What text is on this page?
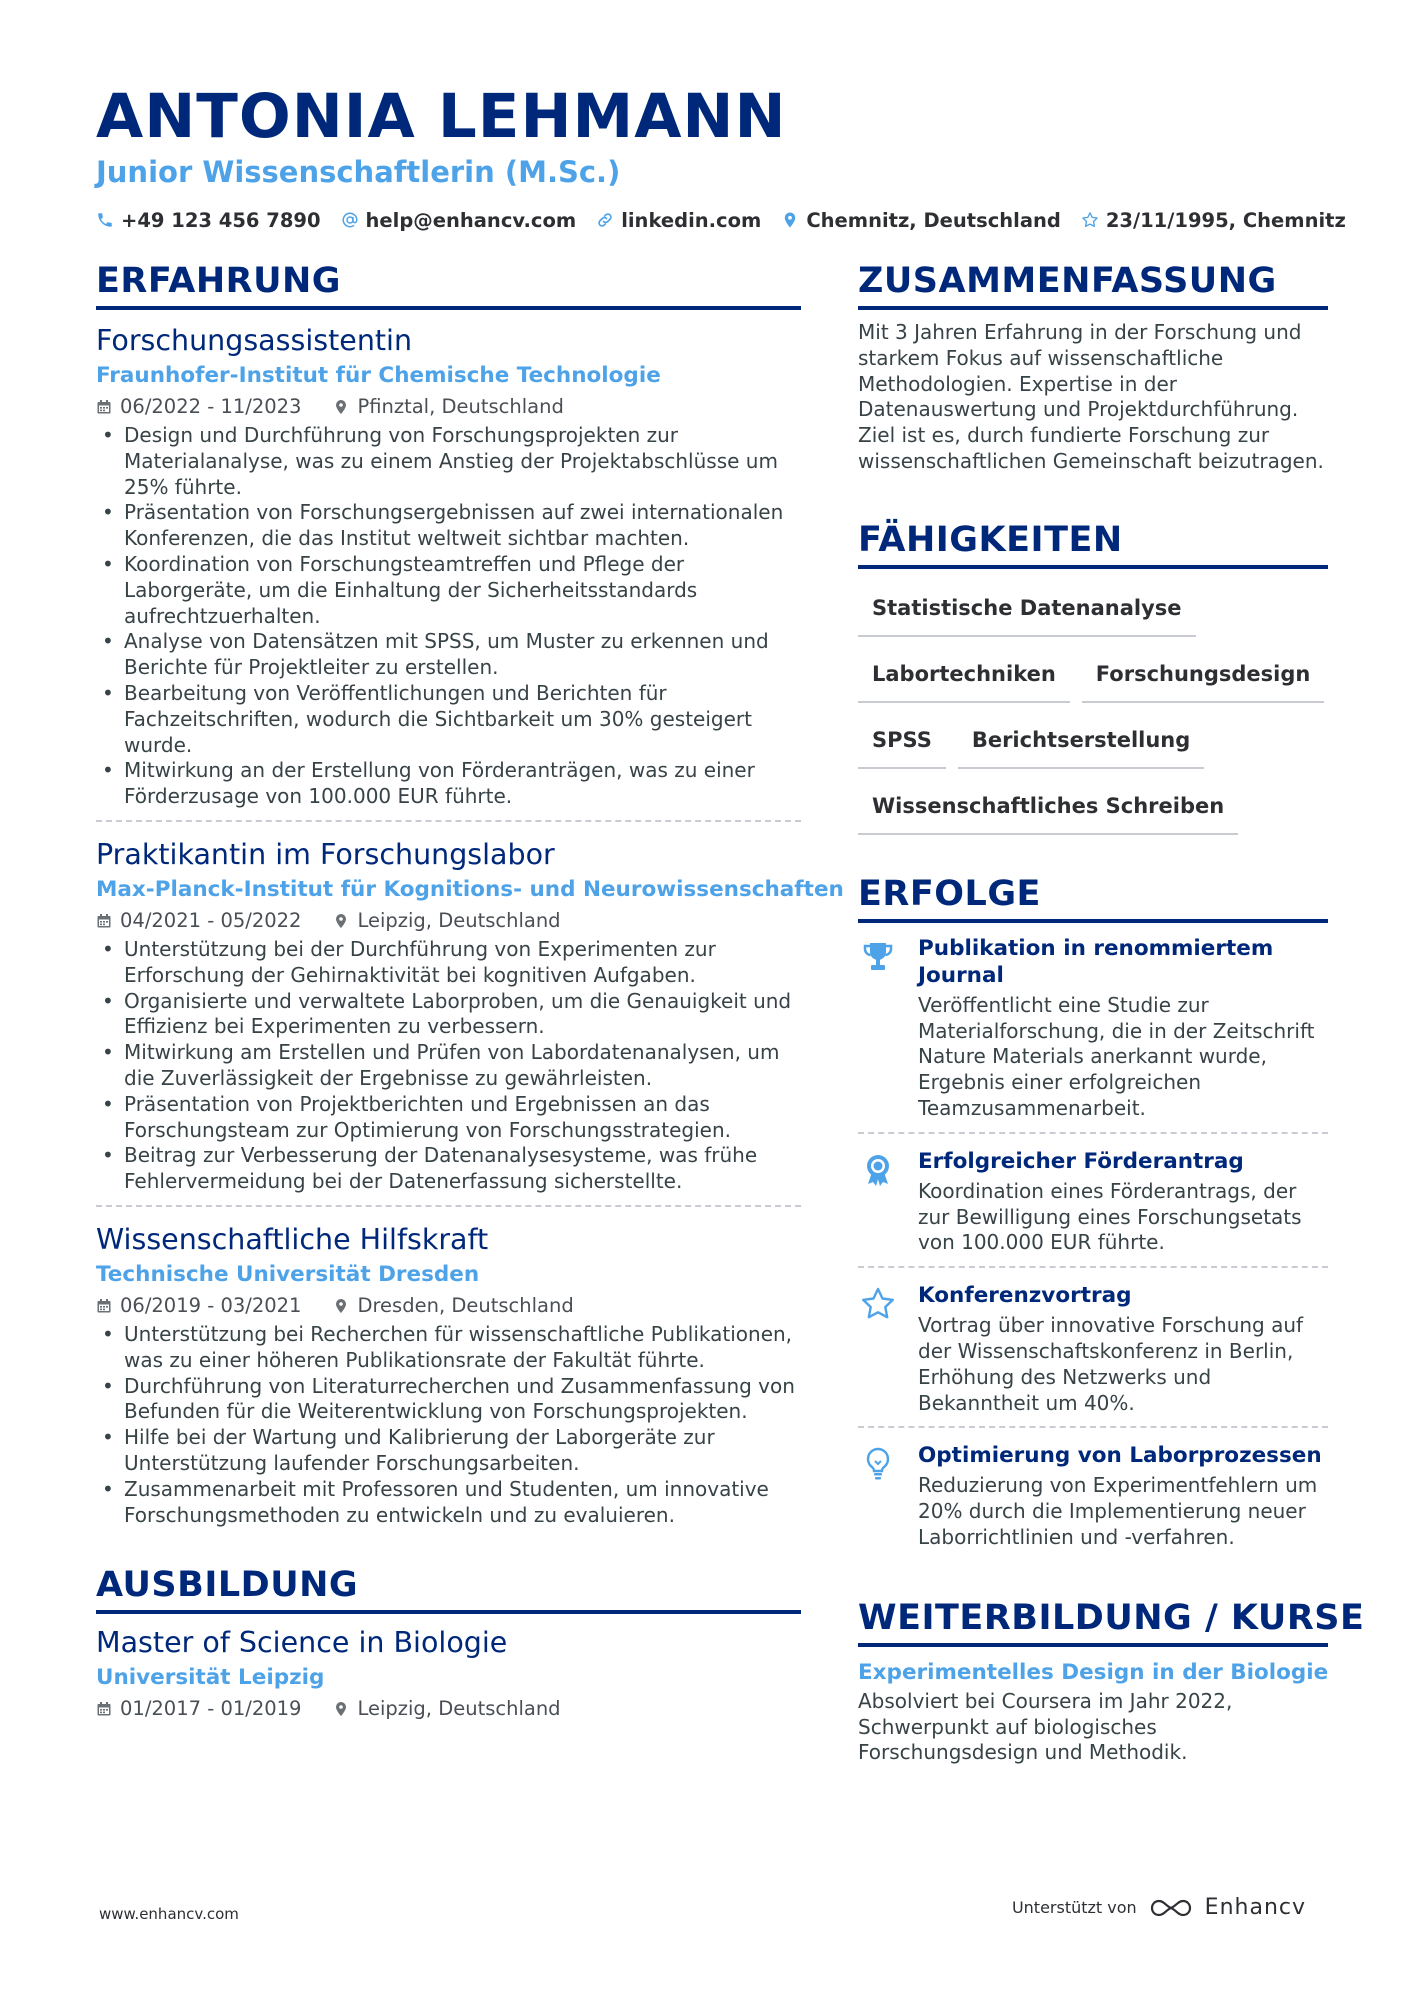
ANTONIA LEHMANN
Junior Wissenschaftlerin (M.Sc.)
+49 123 456 7890 help@enhancv.com linkedin.com Chemnitz, Deutschland 23/11/1995, Chemnitz
ERFAHRUNG
Forschungsassistentin
Fraunhofer-Institut für Chemische Technologie
06/2022 - 11/2023	Pfinztal, Deutschland
• Design und Durchführung von Forschungsprojekten zur Materialanalyse, was zu einem Anstieg der Projektabschlüsse um 25% führte.
• Präsentation von Forschungsergebnissen auf zwei internationalen Konferenzen, die das Institut weltweit sichtbar machten.
• Koordination von Forschungsteamtreffen und Pflege der Laborgeräte, um die Einhaltung der Sicherheitsstandards aufrechtzuerhalten.
• Analyse von Datensätzen mit SPSS, um Muster zu erkennen und Berichte für Projektleiter zu erstellen.
• Bearbeitung von Veröffentlichungen und Berichten für Fachzeitschriften, wodurch die Sichtbarkeit um 30% gesteigert wurde.
• Mitwirkung an der Erstellung von Förderanträgen, was zu einer Förderzusage von 100.000 EUR führte.
Praktikantin im Forschungslabor
Max-Planck-Institut für Kognitions- und Neurowissenschaften
04/2021 - 05/2022	Leipzig, Deutschland
• Unterstützung bei der Durchführung von Experimenten zur Erforschung der Gehirnaktivität bei kognitiven Aufgaben.
• Organisierte und verwaltete Laborproben, um die Genauigkeit und Effizienz bei Experimenten zu verbessern.
• Mitwirkung am Erstellen und Prüfen von Labordatenanalysen, um die Zuverlässigkeit der Ergebnisse zu gewährleisten.
• Präsentation von Projektberichten und Ergebnissen an das Forschungsteam zur Optimierung von Forschungsstrategien.
• Beitrag zur Verbesserung der Datenanalysesysteme, was frühe Fehlervermeidung bei der Datenerfassung sicherstellte.
Wissenschaftliche Hilfskraft
Technische Universität Dresden
06/2019 - 03/2021	Dresden, Deutschland
• Unterstützung bei Recherchen für wissenschaftliche Publikationen, was zu einer höheren Publikationsrate der Fakultät führte.
• Durchführung von Literaturrecherchen und Zusammenfassung von Befunden für die Weiterentwicklung von Forschungsprojekten.
• Hilfe bei der Wartung und Kalibrierung der Laborgeräte zur Unterstützung laufender Forschungsarbeiten.
• Zusammenarbeit mit Professoren und Studenten, um innovative Forschungsmethoden zu entwickeln und zu evaluieren.
AUSBILDUNG
Master of Science in Biologie
Universität Leipzig
01/2017 - 01/2019	Leipzig, Deutschland
ZUSAMMENFASSUNG

Mit 3 Jahren Erfahrung in der Forschung und starkem Fokus auf wissenschaftliche Methodologien. Expertise in der Datenauswertung und Projektdurchführung. Ziel ist es, durch fundierte Forschung zur wissenschaftlichen Gemeinschaft beizutragen.

FÄHIGKEITEN
Statistische Datenanalyse
Labortechniken	Forschungsdesign
SPSS	Berichtserstellung
Wissenschaftliches Schreiben
ERFOLGE
Publikation in renommiertem Journal
Veröffentlicht eine Studie zur Materialforschung, die in der Zeitschrift Nature Materials anerkannt wurde, Ergebnis einer erfolgreichen Teamzusammenarbeit.
Erfolgreicher Förderantrag
Koordination eines Förderantrags, der zur Bewilligung eines Forschungsetats von 100.000 EUR führte.
Konferenzvortrag
Vortrag über innovative Forschung auf der Wissenschaftskonferenz in Berlin, Erhöhung des Netzwerks und Bekanntheit um 40%.
Optimierung von Laborprozessen
Reduzierung von Experimentfehlern um 20% durch die Implementierung neuer Laborrichtlinien und -verfahren.
WEITERBILDUNG / KURSE
Experimentelles Design in der Biologie

Absolviert bei Coursera im Jahr 2022, Schwerpunkt auf biologisches Forschungsdesign und Methodik.

www.enhancv.com	Unterstützt von	Enhancv
